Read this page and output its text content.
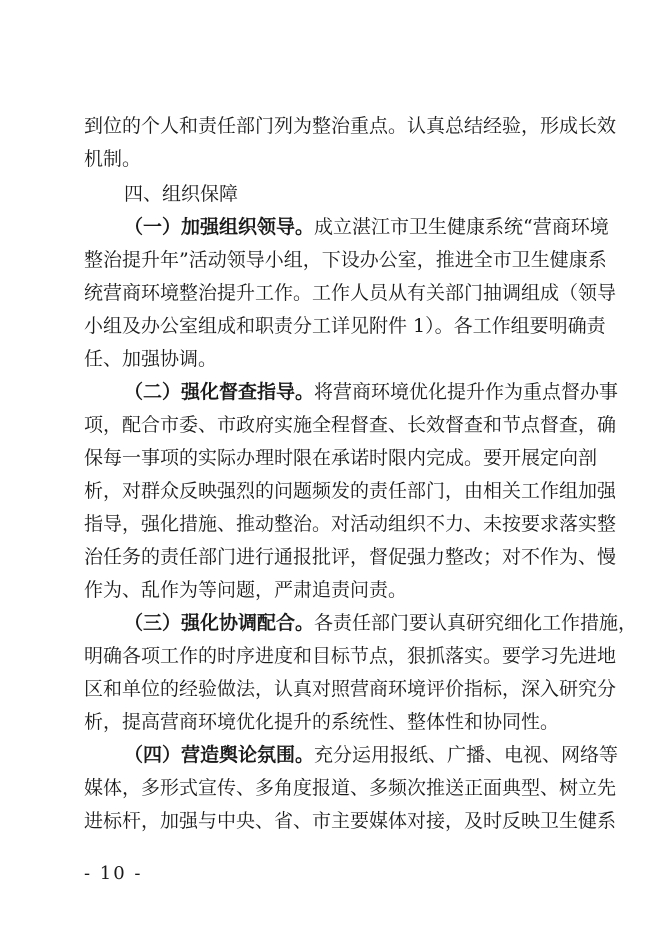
到位的个人和责任部门列为整治重点。认真总结经验，形成长效
机制。
四、组织保障
（一）加强组织领导。成立湛江市卫生健康系统“营商环境
整治提升年”活动领导小组，下设办公室，推进全市卫生健康系
统营商环境整治提升工作。工作人员从有关部门抽调组成（领导
小组及办公室组成和职责分工详见附件 1）。各工作组要明确责
任、加强协调。
（二）强化督查指导。将营商环境优化提升作为重点督办事
项，配合市委、市政府实施全程督查、长效督查和节点督查，确
保每一事项的实际办理时限在承诺时限内完成。要开展定向剖
析，对群众反映强烈的问题频发的责任部门，由相关工作组加强
指导，强化措施、推动整治。对活动组织不力、未按要求落实整
治任务的责任部门进行通报批评，督促强力整改；对不作为、慢
作为、乱作为等问题，严肃追责问责。
（三）强化协调配合。各责任部门要认真研究细化工作措施，
明确各项工作的时序进度和目标节点，狠抓落实。要学习先进地
区和单位的经验做法，认真对照营商环境评价指标，深入研究分
析，提高营商环境优化提升的系统性、整体性和协同性。
（四）营造舆论氛围。充分运用报纸、广播、电视、网络等
媒体，多形式宣传、多角度报道、多频次推送正面典型、树立先
进标杆，加强与中央、省、市主要媒体对接，及时反映卫生健系
- 10 -
